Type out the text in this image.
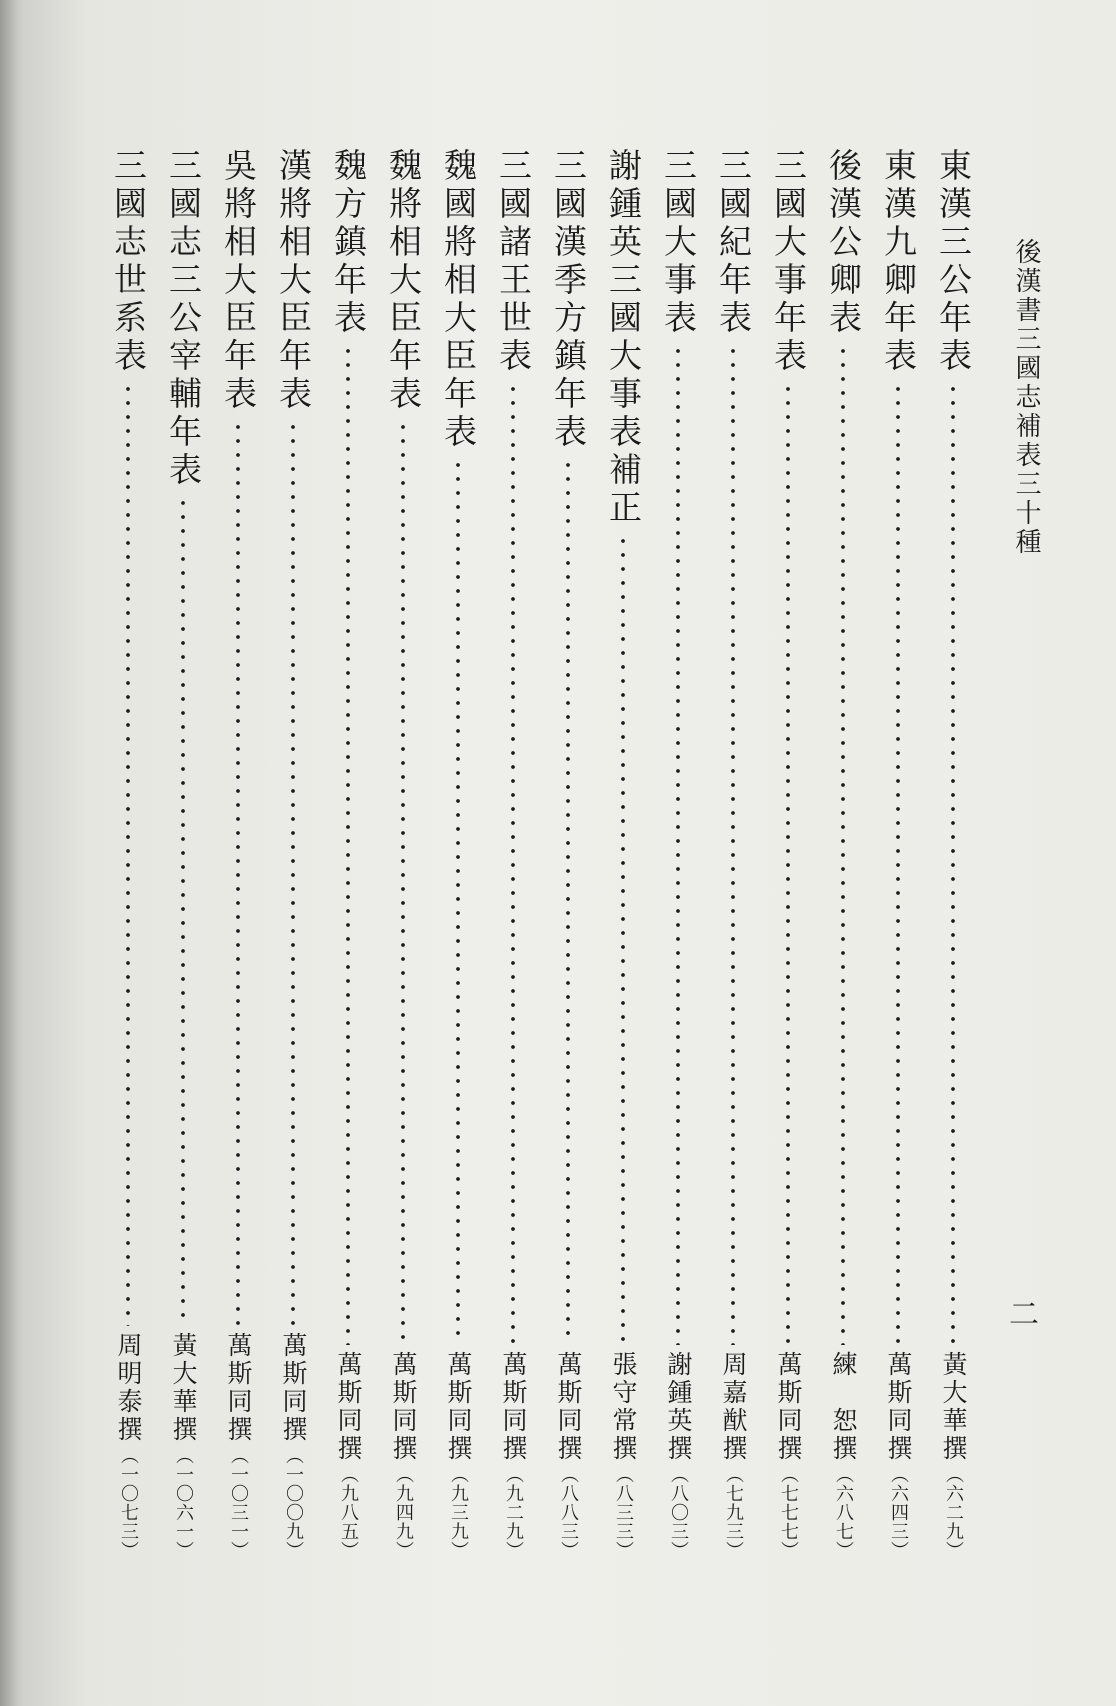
後漢書三國志補表三十種
二
東漢三公年表
黃大華撰
（六二九）
東漢九卿年表
萬斯同撰
（六四三）
後漢公卿表
練　恕撰
（六八七）
三國大事年表
萬斯同撰
（七七七）
三國紀年表
周嘉猷撰
（七九三）
三國大事表
謝鍾英撰
（八〇三）
謝鍾英三國大事表補正
張守常撰
（八三三）
三國漢季方鎮年表
萬斯同撰
（八八三）
三國諸王世表
萬斯同撰
（九二九）
魏國將相大臣年表
萬斯同撰
（九三九）
魏將相大臣年表
萬斯同撰
（九四九）
魏方鎮年表
萬斯同撰
（九八五）
漢將相大臣年表
萬斯同撰
（一〇〇九）
吳將相大臣年表
萬斯同撰
（一〇三一）
三國志三公宰輔年表
黃大華撰
（一〇六一）
三國志世系表
周明泰撰
（一〇七三）
